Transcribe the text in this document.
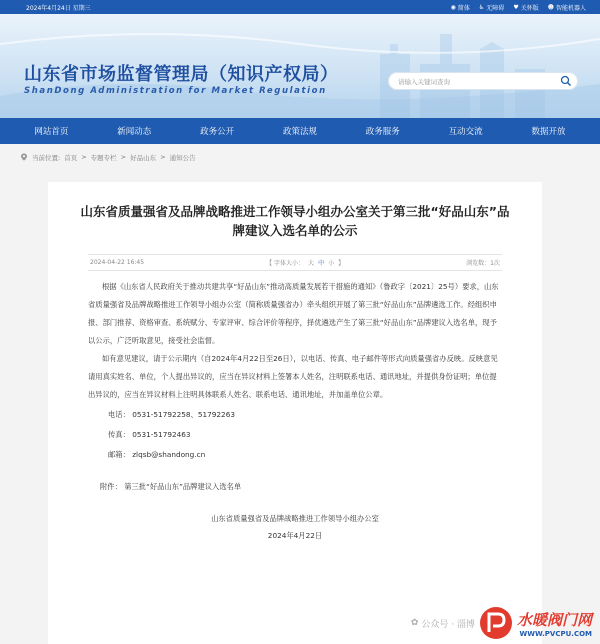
2024年4月24日 星期三	◉ 简体 ♿ 无障碍 ♥ 关怀版 ☻ 智能机器人
山东省市场监督管理局（知识产权局）
ShanDong Administration for Market Regulation
请输入关键词查询
网站首页	新闻动态	政务公开	政策法规	政务服务	互动交流	数据开放
当前位置: 首页 > 专题专栏 > 好品山东 > 通知公告
山东省质量强省及品牌战略推进工作领导小组办公室关于第三批“好品山东”品牌建议入选名单的公示
2024-04-22 16:45	【 字体大小： 大 中 小 】	浏览数：1次

根据《山东省人民政府关于推动共建共享“好品山东”推动高质量发展若干措施的通知》（鲁政字〔2021〕25号）要求，山东省质量强省及品牌战略推进工作领导小组办公室（简称质量强省办）牵头组织开展了第三批“好品山东”品牌遴选工作。经组织申报、部门推荐、资格审查、系统赋分、专家评审、综合评价等程序，择优遴选产生了第三批“好品山东”品牌建议入选名单，现予以公示，广泛听取意见，接受社会监督。

如有意见建议，请于公示期内（自2024年4月22日至26日），以电话、传真、电子邮件等形式向质量强省办反映。反映意见请用真实姓名、单位，个人提出异议的，应当在异议材料上签署本人姓名，注明联系电话、通讯地址，并提供身份证明；单位提出异议的，应当在异议材料上注明具体联系人姓名、联系电话、通讯地址，并加盖单位公章。

电话： 0531-51792258、51792263

传真： 0531-51792463

邮箱： zlqsb@shandong.cn

附件： 第三批“好品山东”品牌建议入选名单

山东省质量强省及品牌战略推进工作领导小组办公室

2024年4月22日

✿ 公众号 · 淄博	水暖阀门网
WWW.PVCPU.COM
